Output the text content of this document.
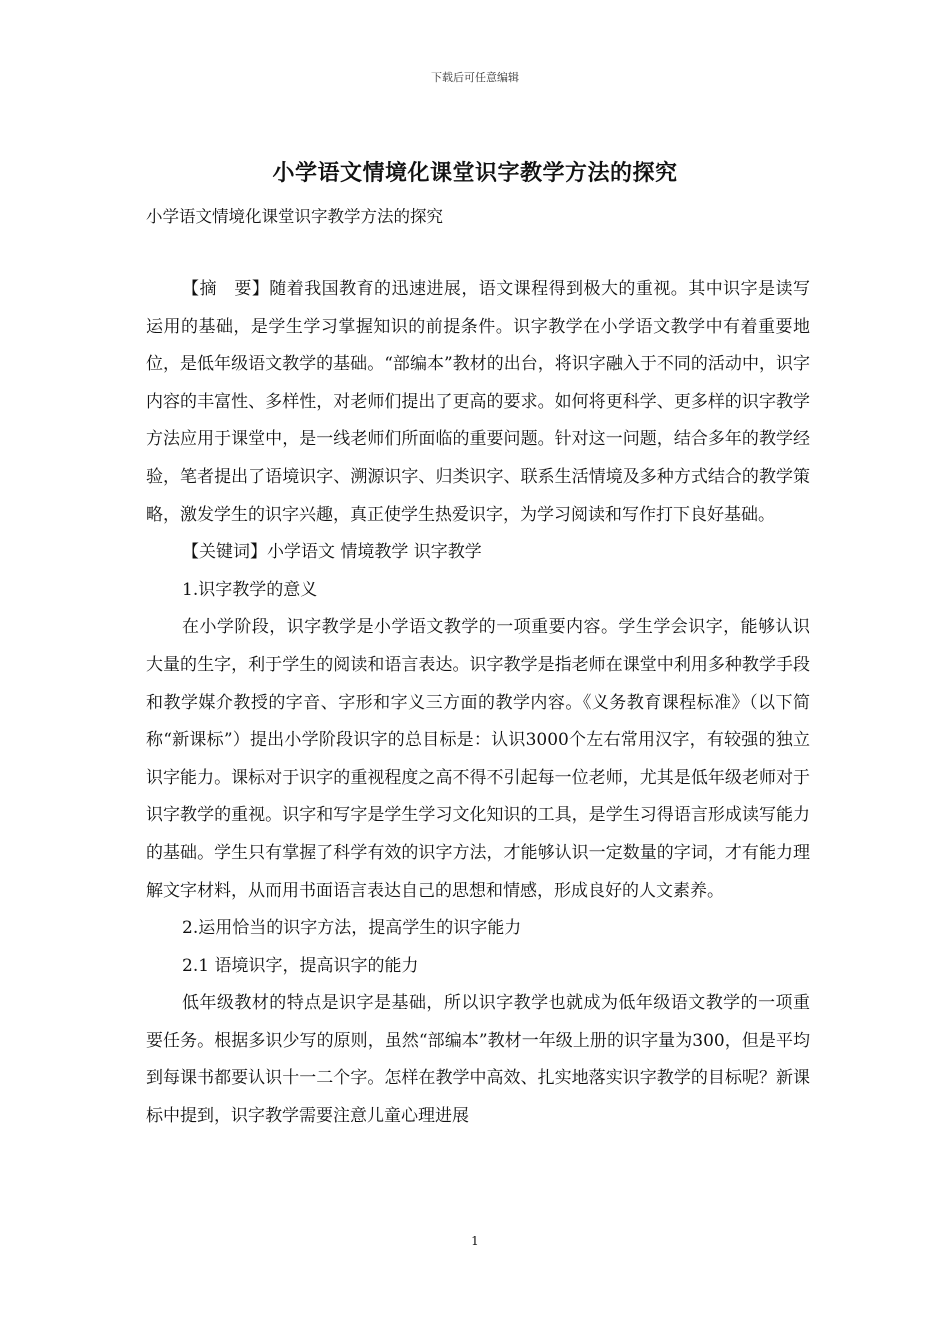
下载后可任意编辑
小学语文情境化课堂识字教学方法的探究
小学语文情境化课堂识字教学方法的探究

【摘　要】随着我国教育的迅速进展，语文课程得到极大的重视。其中识字是读写运用的基础，是学生学习掌握知识的前提条件。识字教学在小学语文教学中有着重要地位，是低年级语文教学的基础。“部编本”教材的出台，将识字融入于不同的活动中，识字内容的丰富性、多样性，对老师们提出了更高的要求。如何将更科学、更多样的识字教学方法应用于课堂中，是一线老师们所面临的重要问题。针对这一问题，结合多年的教学经验，笔者提出了语境识字、溯源识字、归类识字、联系生活情境及多种方式结合的教学策略，激发学生的识字兴趣，真正使学生热爱识字，为学习阅读和写作打下良好基础。

【关键词】小学语文 情境教学 识字教学

1.识字教学的意义

在小学阶段，识字教学是小学语文教学的一项重要内容。学生学会识字，能够认识大量的生字，利于学生的阅读和语言表达。识字教学是指老师在课堂中利用多种教学手段和教学媒介教授的字音、字形和字义三方面的教学内容。《义务教育课程标准》（以下简称“新课标”）提出小学阶段识字的总目标是：认识3000个左右常用汉字，有较强的独立识字能力。课标对于识字的重视程度之高不得不引起每一位老师，尤其是低年级老师对于识字教学的重视。识字和写字是学生学习文化知识的工具，是学生习得语言形成读写能力的基础。学生只有掌握了科学有效的识字方法，才能够认识一定数量的字词，才有能力理解文字材料，从而用书面语言表达自己的思想和情感，形成良好的人文素养。

2.运用恰当的识字方法，提高学生的识字能力

2.1 语境识字，提高识字的能力

低年级教材的特点是识字是基础，所以识字教学也就成为低年级语文教学的一项重要任务。根据多识少写的原则，虽然“部编本”教材一年级上册的识字量为300，但是平均到每课书都要认识十一二个字。怎样在教学中高效、扎实地落实识字教学的目标呢？新课标中提到，识字教学需要注意儿童心理进展

1
